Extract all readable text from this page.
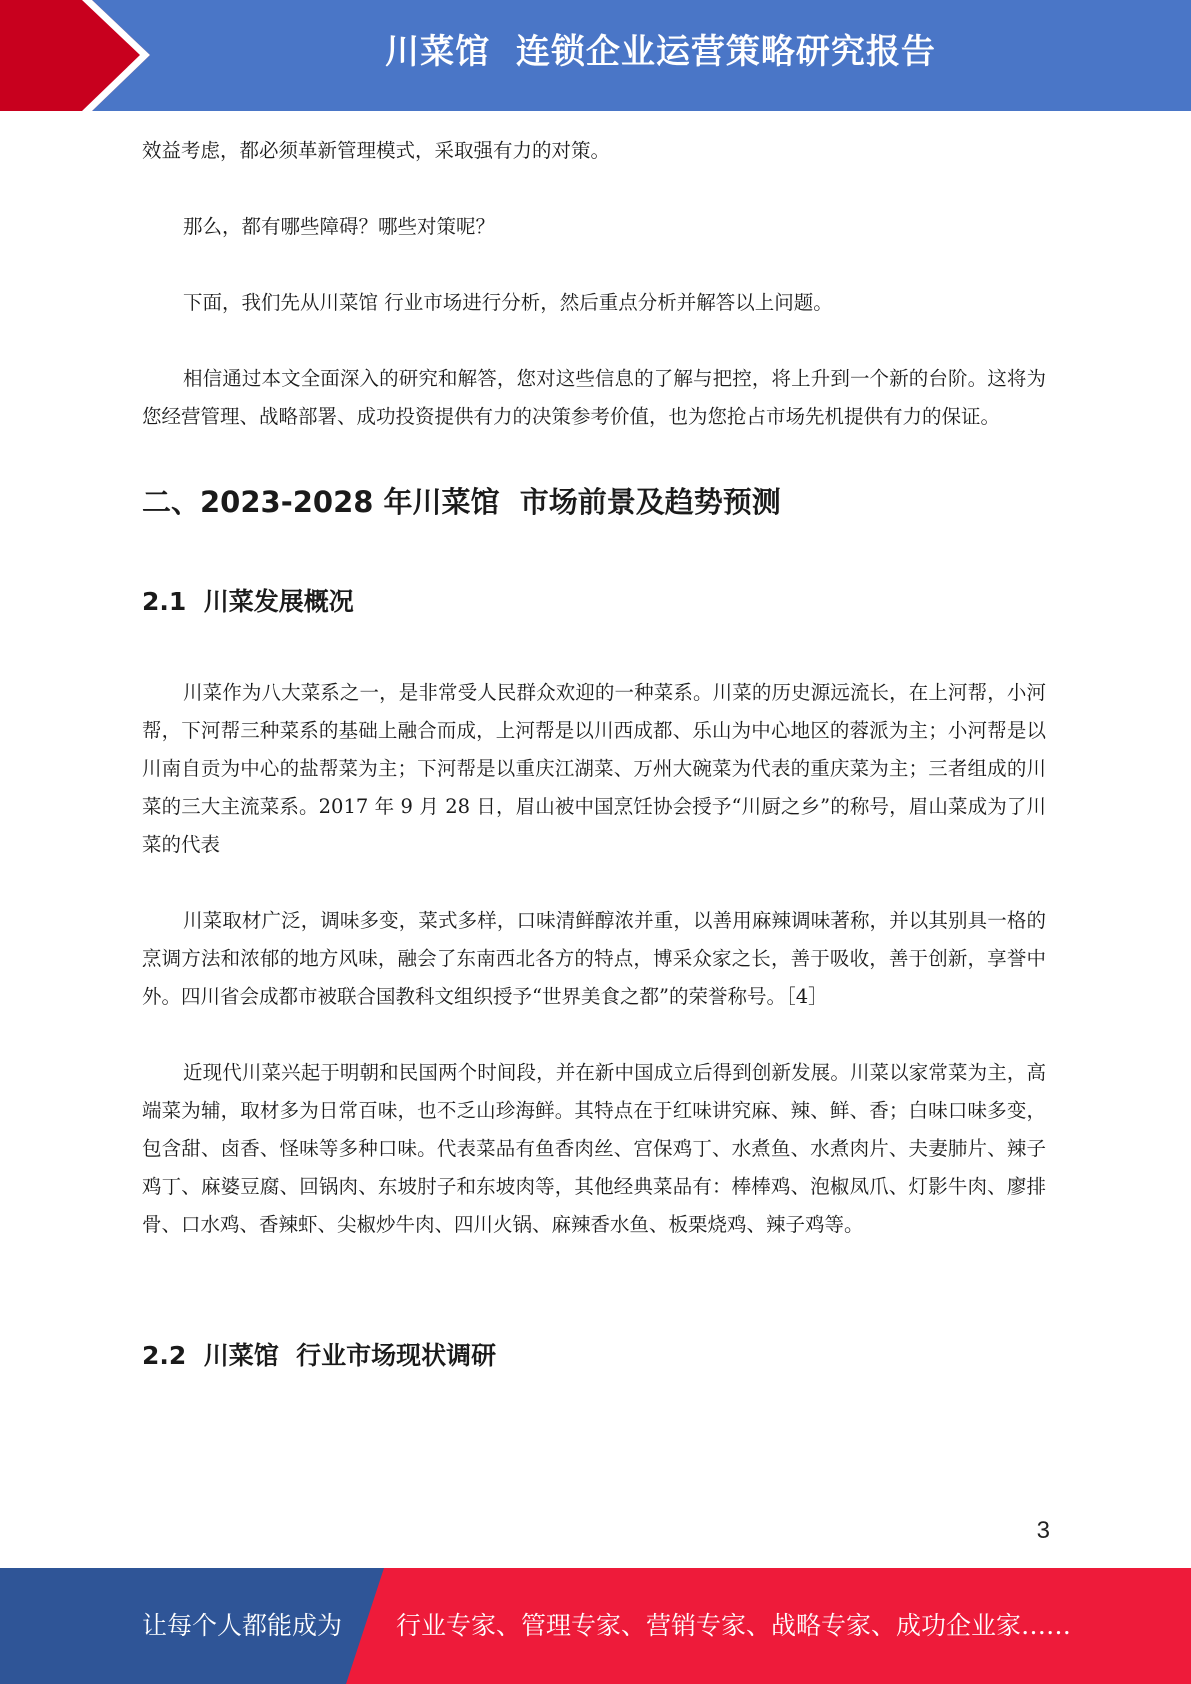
川菜馆  连锁企业运营策略研究报告

效益考虑，都必须革新管理模式，采取强有力的对策。

那么，都有哪些障碍？哪些对策呢？

下面，我们先从川菜馆 行业市场进行分析，然后重点分析并解答以上问题。

相信通过本文全面深入的研究和解答，您对这些信息的了解与把控，将上升到一个新的台阶。这将为您经营管理、战略部署、成功投资提供有力的决策参考价值，也为您抢占市场先机提供有力的保证。

二、2023-2028 年川菜馆  市场前景及趋势预测
2.1  川菜发展概况

川菜作为八大菜系之一，是非常受人民群众欢迎的一种菜系。川菜的历史源远流长，在上河帮，小河帮，下河帮三种菜系的基础上融合而成，上河帮是以川西成都、乐山为中心地区的蓉派为主；小河帮是以川南自贡为中心的盐帮菜为主；下河帮是以重庆江湖菜、万州大碗菜为代表的重庆菜为主；三者组成的川菜的三大主流菜系。2017 年 9 月 28 日，眉山被中国烹饪协会授予“川厨之乡”的称号，眉山菜成为了川菜的代表

川菜取材广泛，调味多变，菜式多样，口味清鲜醇浓并重，以善用麻辣调味著称，并以其别具一格的烹调方法和浓郁的地方风味，融会了东南西北各方的特点，博采众家之长，善于吸收，善于创新，享誉中外。四川省会成都市被联合国教科文组织授予“世界美食之都”的荣誉称号。［4］

近现代川菜兴起于明朝和民国两个时间段，并在新中国成立后得到创新发展。川菜以家常菜为主，高端菜为辅，取材多为日常百味，也不乏山珍海鲜。其特点在于红味讲究麻、辣、鲜、香；白味口味多变，包含甜、卤香、怪味等多种口味。代表菜品有鱼香肉丝、宫保鸡丁、水煮鱼、水煮肉片、夫妻肺片、辣子鸡丁、麻婆豆腐、回锅肉、东坡肘子和东坡肉等，其他经典菜品有：棒棒鸡、泡椒凤爪、灯影牛肉、廖排骨、口水鸡、香辣虾、尖椒炒牛肉、四川火锅、麻辣香水鱼、板栗烧鸡、辣子鸡等。

2.2  川菜馆  行业市场现状调研
3
让每个人都能成为 行业专家、管理专家、营销专家、战略专家、成功企业家……
